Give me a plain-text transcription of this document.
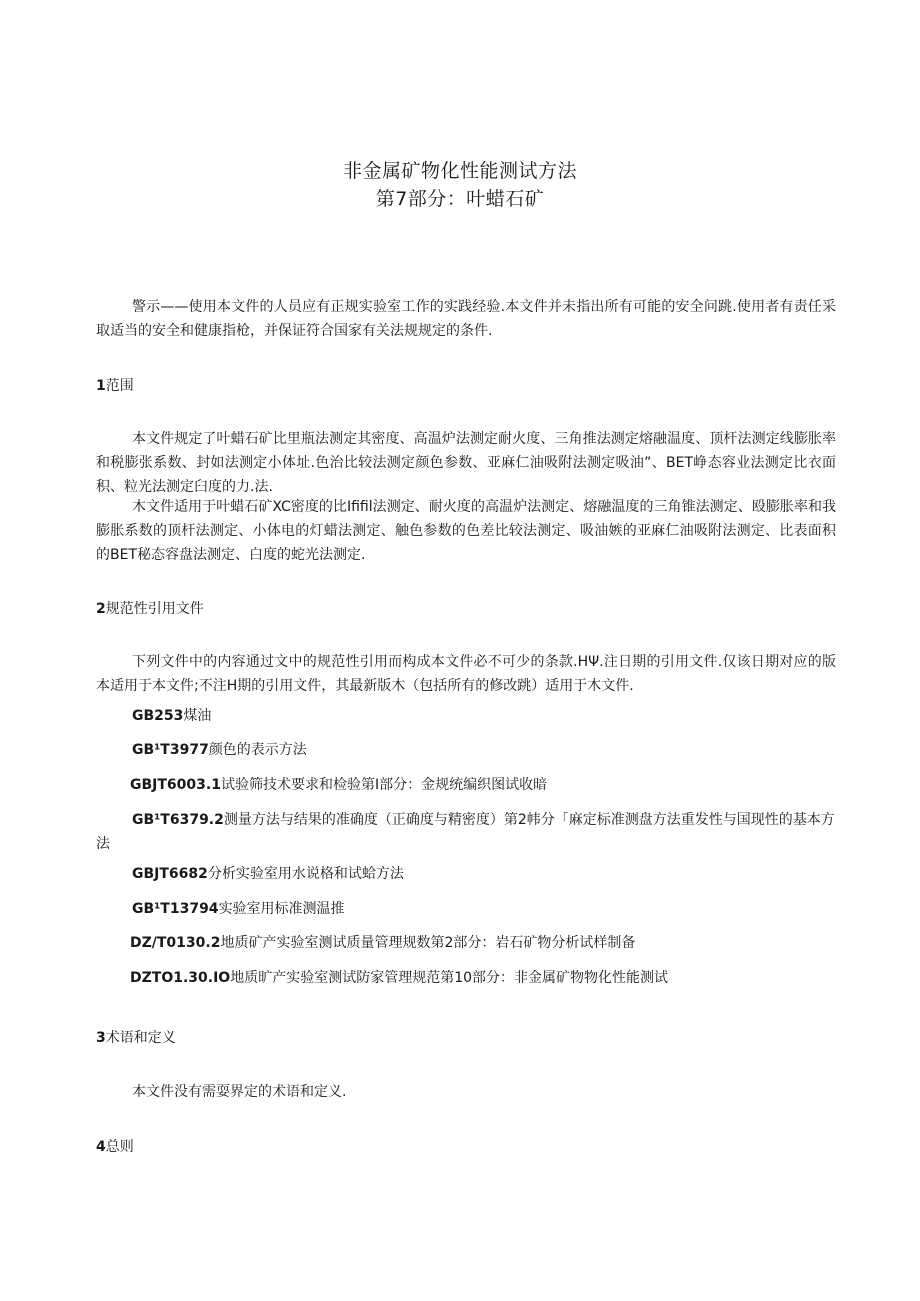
非金属矿物化性能测试方法
第7部分：叶蜡石矿
警示——使用本文件的人员应有正规实验室工作的实践经验.本文件并未指出所有可能的安全问跳.使用者有责任采取适当的安全和健康指枪，并保证符合国家有关法规规定的条件.
1范围
本文件规定了叶蜡石矿比里瓶法测定其密度、高温炉法测定耐火度、三角推法测定熔融温度、顶杆法测定线膨胀率和税膨张系数、封如法测定小体址.色治比较法测定颜色参数、亚麻仁油吸附法测定吸油”、BET峥态容业法测定比衣面积、粒光法测定臼度的力.法.
木文件适用于叶蜡石矿XC密度的比Ifiﬁl法测定、耐火度的高温炉法测定、熔融温度的三角锥法测定、殴膨胀率和我膨胀系数的顶杆法测定、小体电的灯蜡法测定、触色参数的色差比较法测定、吸油嫉的亚麻仁油吸附法测定、比表面积的BET秘态容盘法测定、白度的蛇光法测定.
2规范性引用文件
下列文件中的内容通过文中的规范性引用而构成本文件必不可少的条款.HΨ.注日期的引用文件.仅该日期对应的版本适用于本文件;不注H期的引用文件，其最新版木（包括所有的修改跳）适用于木文件.
GB253煤油
GB¹T3977颜色的表示方法
GBJT6003.1试验筛技术要求和检验第I部分：金规统编织图试收暗
GB¹T6379.2测量方法与结果的准确度（正确度与精密度）第2帏分「麻定标准测盘方法重发性与国现性的基本方法
GBJT6682分析实验室用水说格和试蛤方法
GB¹T13794实验室用标准测温推
DZ/T0130.2地质矿产实验室测试质量管理规数第2部分：岩石矿物分析试样制备
DZTO1.30.IO地质旷产实验室测试防家管理规范第10部分：非金属矿物物化性能测试
3术语和定义
本文件没有需耍界定的术语和定义.
4总则
